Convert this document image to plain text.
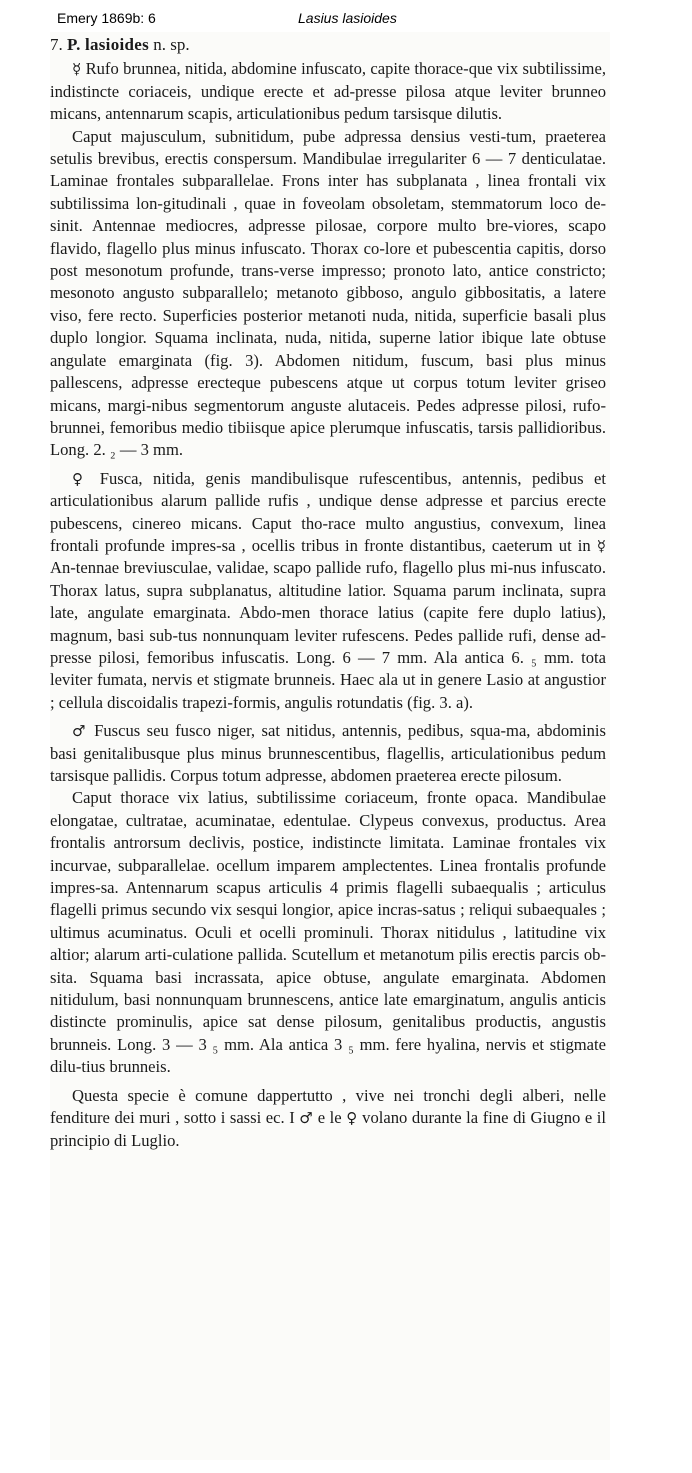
Emery 1869b: 6	Lasius lasioides

7. P. lasioides n. sp.

☿ Rufo brunnea, nitida, abdomine infuscato, capite thorace-que vix subtilissime, indistincte coriaceis, undique erecte et ad-presse pilosa atque leviter brunneo micans, antennarum scapis, articulationibus pedum tarsisque dilutis.

Caput majusculum, subnitidum, pube adpressa densius vesti-tum, praeterea setulis brevibus, erectis conspersum. Mandibulae irregulariter 6 — 7 denticulatae. Laminae frontales subparallelae. Frons inter has subplanata , linea frontali vix subtilissima lon-gitudinali , quae in foveolam obsoletam, stemmatorum loco de-sinit. Antennae mediocres, adpresse pilosae, corpore multo bre-viores, scapo flavido, flagello plus minus infuscato. Thorax co-lore et pubescentia capitis, dorso post mesonotum profunde, trans-verse impresso; pronoto lato, antice constricto; mesonoto angusto subparallelo; metanoto gibboso, angulo gibbositatis, a latere viso, fere recto. Superficies posterior metanoti nuda, nitida, superficie basali plus duplo longior. Squama inclinata, nuda, nitida, superne latior ibique late obtuse angulate emarginata (fig. 3). Abdomen nitidum, fuscum, basi plus minus pallescens, adpresse erecteque pubescens atque ut corpus totum leviter griseo micans, margi-nibus segmentorum anguste alutaceis. Pedes adpresse pilosi, rufo-brunnei, femoribus medio tibiisque apice plerumque infuscatis, tarsis pallidioribus. Long. 2. ₂ — 3 mm.

♀ Fusca, nitida, genis mandibulisque rufescentibus, antennis, pedibus et articulationibus alarum pallide rufis , undique dense adpresse et parcius erecte pubescens, cinereo micans. Caput tho-race multo angustius, convexum, linea frontali profunde impres-sa , ocellis tribus in fronte distantibus, caeterum ut in ☿ An-tennae breviusculae, validae, scapo pallide rufo, flagello plus mi-nus infuscato. Thorax latus, supra subplanatus, altitudine latior. Squama parum inclinata, supra late, angulate emarginata. Abdo-men thorace latius (capite fere duplo latius), magnum, basi sub-tus nonnunquam leviter rufescens. Pedes pallide rufi, dense ad-presse pilosi, femoribus infuscatis. Long. 6 — 7 mm. Ala antica 6. ₅ mm. tota leviter fumata, nervis et stigmate brunneis. Haec ala ut in genere Lasio at angustior ; cellula discoidalis trapezi-formis, angulis rotundatis (fig. 3. a).

♂ Fuscus seu fusco niger, sat nitidus, antennis, pedibus, squa-ma, abdominis basi genitalibusque plus minus brunnescentibus, flagellis, articulationibus pedum tarsisque pallidis. Corpus totum adpresse, abdomen praeterea erecte pilosum.

Caput thorace vix latius, subtilissime coriaceum, fronte opaca. Mandibulae elongatae, cultratae, acuminatae, edentulae. Clypeus convexus, productus. Area frontalis antrorsum declivis, postice, indistincte limitata. Laminae frontales vix incurvae, subparallelae. ocellum imparem amplectentes. Linea frontalis profunde impres-sa. Antennarum scapus articulis 4 primis flagelli subaequalis ; articulus flagelli primus secundo vix sesqui longior, apice incras-satus ; reliqui subaequales ; ultimus acuminatus. Oculi et ocelli prominuli. Thorax nitidulus , latitudine vix altior; alarum arti-culatione pallida. Scutellum et metanotum pilis erectis parcis ob-sita. Squama basi incrassata, apice obtuse, angulate emarginata. Abdomen nitidulum, basi nonnunquam brunnescens, antice late emarginatum, angulis anticis distincte prominulis, apice sat dense pilosum, genitalibus productis, angustis brunneis. Long. 3 — 3 ₅ mm. Ala antica 3 ₅ mm. fere hyalina, nervis et stigmate dilu-tius brunneis.

Questa specie è comune dappertutto , vive nei tronchi degli alberi, nelle fenditure dei muri , sotto i sassi ec. I ♂ e le ♀ volano durante la fine di Giugno e il principio di Luglio.
